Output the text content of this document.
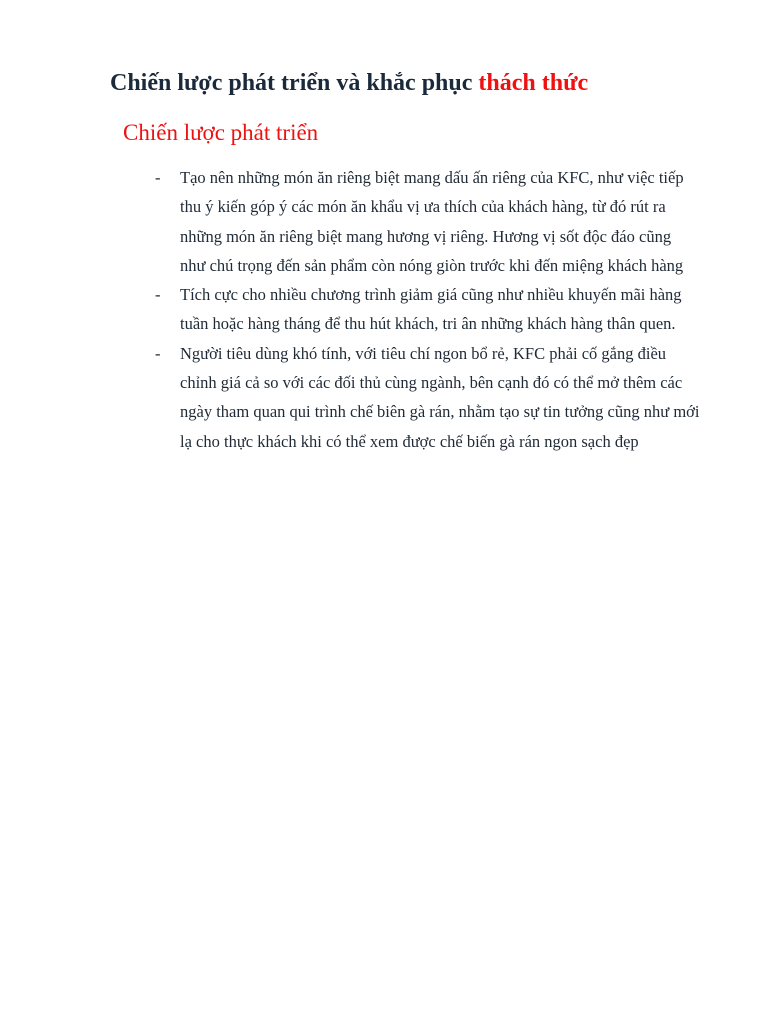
Chiến lược phát triển và khắc phục thách thức
Chiến lược phát triển
- Tạo nên những món ăn riêng biệt mang dấu ấn riêng của KFC, như việc tiếp thu ý kiến góp ý các món ăn khẩu vị ưa thích của khách hàng, từ đó rút ra những món ăn riêng biệt mang hương vị riêng. Hương vị sốt độc đáo cũng như chú trọng đến sản phẩm còn nóng giòn trước khi đến miệng khách hàng
- Tích cực cho nhiều chương trình giảm giá cũng như nhiều khuyến mãi hàng tuần hoặc hàng tháng để thu hút khách, tri ân những khách hàng thân quen.
- Người tiêu dùng khó tính, với tiêu chí ngon bổ rẻ, KFC phải cố gắng điều chỉnh giá cả so với các đối thủ cùng ngành, bên cạnh đó có thể mở thêm các ngày tham quan qui trình chế biên gà rán, nhằm tạo sự tin tưởng cũng như mới lạ cho thực khách khi có thể xem được chế biến gà rán ngon sạch đẹp
